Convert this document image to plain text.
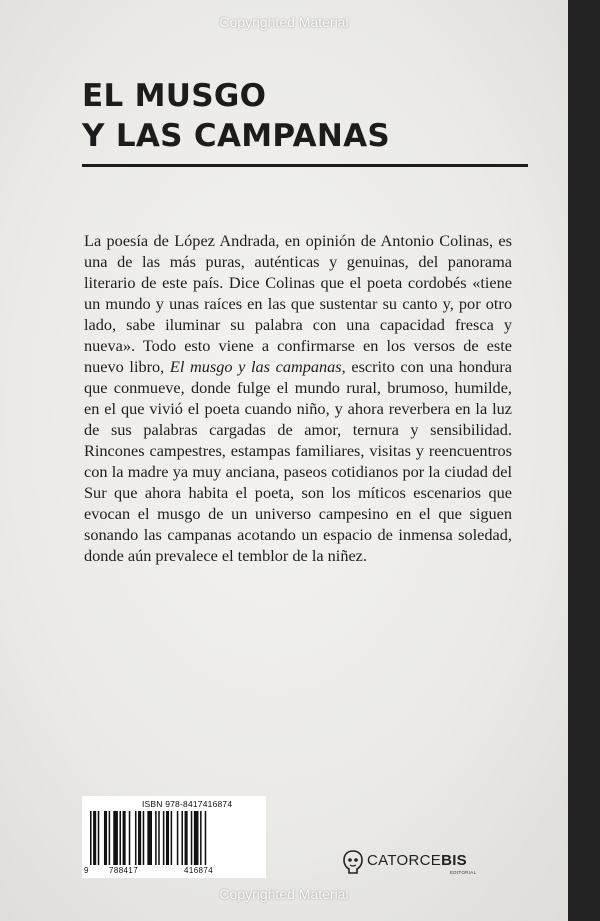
Copyrighted Material
EL MUSGO
Y LAS CAMPANAS

La poesía de López Andrada, en opinión de Antonio Colinas, es una de las más puras, auténticas y genuinas, del panorama literario de este país. Dice Colinas que el poeta cordobés «tiene un mundo y unas raíces en las que sustentar su canto y, por otro lado, sabe iluminar su palabra con una capacidad fresca y nueva». Todo esto viene a confirmarse en los versos de este nuevo libro, El musgo y las campanas, escrito con una hondura que conmueve, donde fulge el mundo rural, brumoso, humilde, en el que vivió el poeta cuando niño, y ahora reverbera en la luz de sus palabras cargadas de amor, ternura y sensibilidad. Rincones campestres, estampas familiares, visitas y reencuentros con la madre ya muy anciana, paseos cotidianos por la ciudad del Sur que ahora habita el poeta, son los míticos escenarios que evocan el musgo de un universo campesino en el que siguen sonando las campanas acotando un espacio de inmensa soledad, donde aún prevalece el temblor de la niñez.

ISBN 978-8417416874
9	788417	416874
CATORCEBIS
EDITORIAL
Copyrighted Material
